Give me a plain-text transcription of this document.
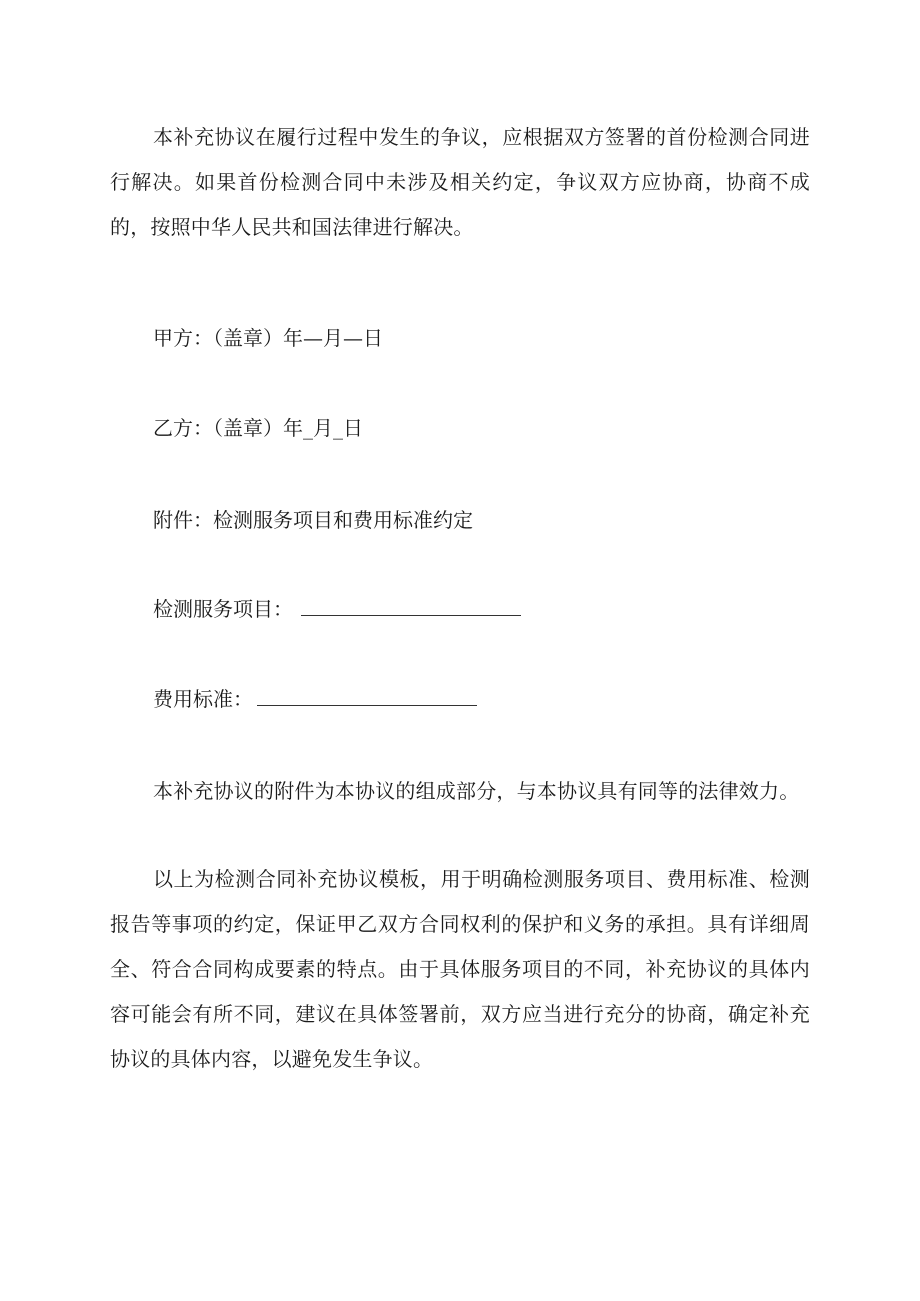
本补充协议在履行过程中发生的争议，应根据双方签署的首份检测合同进行解决。如果首份检测合同中未涉及相关约定，争议双方应协商，协商不成的，按照中华人民共和国法律进行解决。

甲方：（盖章）年—月—日

乙方：（盖章）年_月_日

附件：检测服务项目和费用标准约定

检测服务项目：

费用标准：

本补充协议的附件为本协议的组成部分，与本协议具有同等的法律效力。

以上为检测合同补充协议模板，用于明确检测服务项目、费用标准、检测报告等事项的约定，保证甲乙双方合同权利的保护和义务的承担。具有详细周全、符合合同构成要素的特点。由于具体服务项目的不同，补充协议的具体内容可能会有所不同，建议在具体签署前，双方应当进行充分的协商，确定补充协议的具体内容，以避免发生争议。
